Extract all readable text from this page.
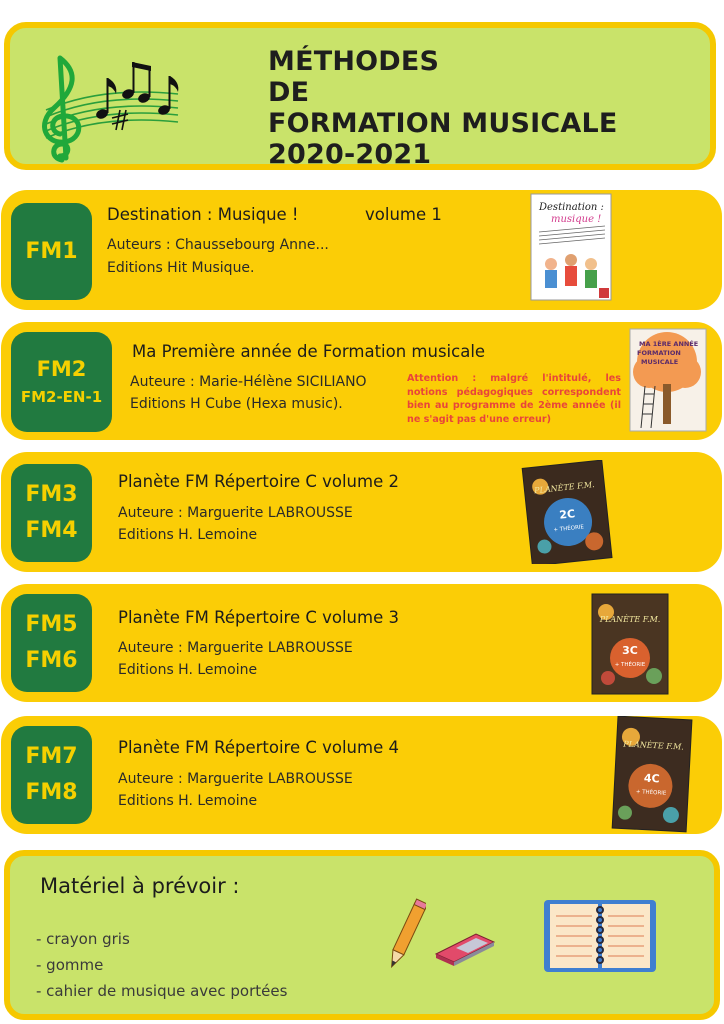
MÉTHODES
DE
FORMATION MUSICALE
2020-2021
FM1
Destination : Musique !	volume 1
Auteurs : Chaussebourg Anne...
Editions Hit Musique.
Destination :
musique !
FM2
FM2-EN-1
Ma Première année de Formation musicale
Auteure : Marie-Hélène SICILIANO
Editions H Cube (Hexa music).
Attention : malgré l'intitulé, les notions pédagogiques correspondent bien au programme de 2ème année (il ne s'agit pas d'une erreur)
MA 1ÈRE ANNÉE
FORMATION
MUSICALE
FM3
FM4
Planète FM Répertoire C volume 2
Auteure : Marguerite LABROUSSE
Editions H. Lemoine
PLANÈTE F.M.
2C
+ THÉORIE
FM5
FM6
Planète FM Répertoire C volume 3
Auteure : Marguerite LABROUSSE
Editions H. Lemoine
PLANÈTE F.M.
3C
+ THÉORIE
FM7
FM8
Planète FM Répertoire C volume 4
Auteure : Marguerite LABROUSSE
Editions H. Lemoine
PLANÈTE F.M.
4C
+ THÉORIE
Matériel à prévoir :
- crayon gris
- gomme
- cahier de musique avec portées
